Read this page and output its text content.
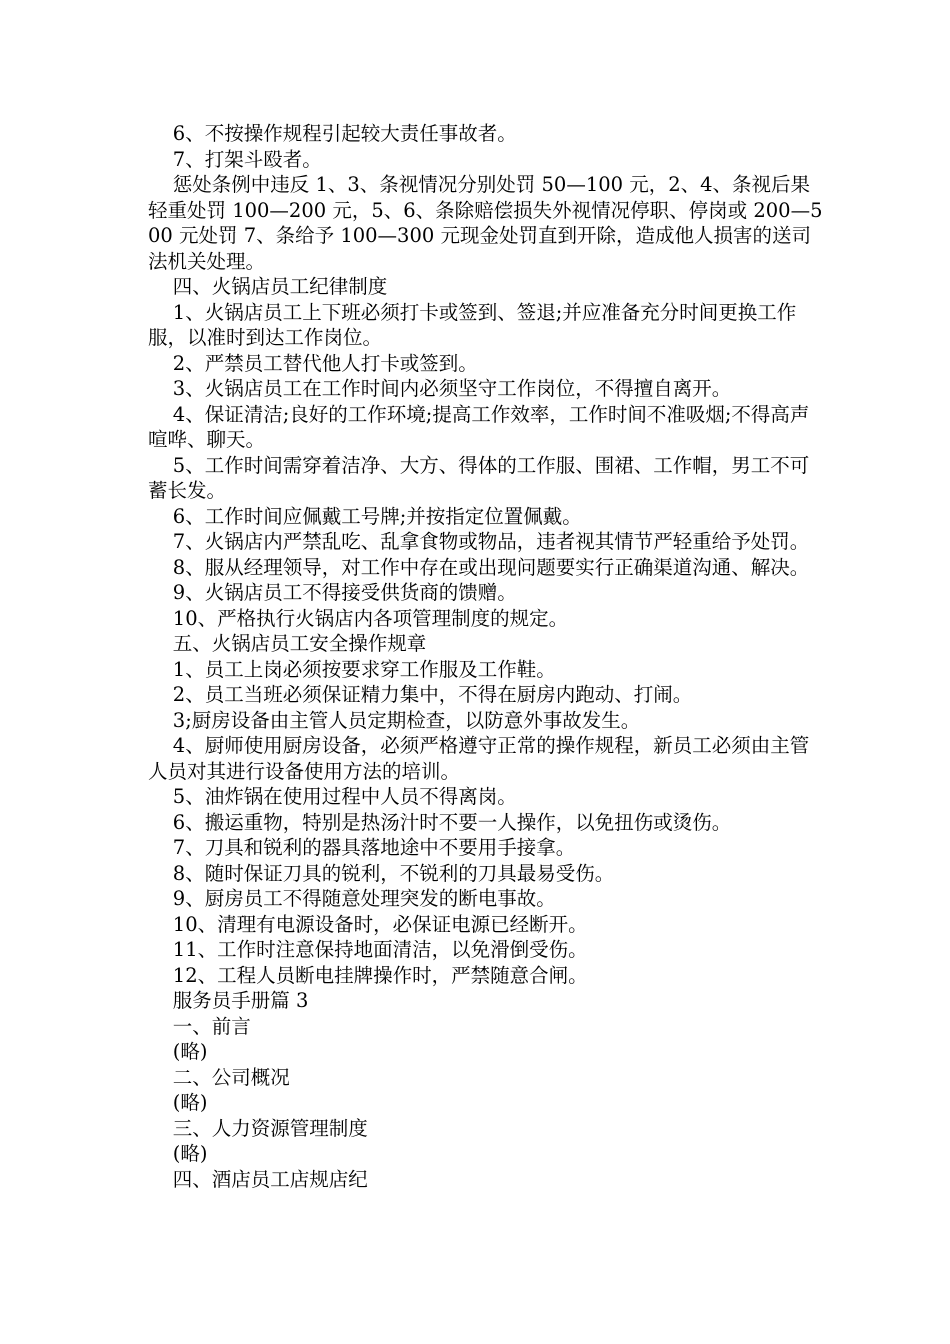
6、不按操作规程引起较大责任事故者。

7、打架斗殴者。

惩处条例中违反 1、3、条视情况分别处罚 50—100 元，2、4、条视后果轻重处罚 100—200 元，5、6、条除赔偿损失外视情况停职、停岗或 200—500 元处罚 7、条给予 100—300 元现金处罚直到开除，造成他人损害的送司法机关处理。

四、火锅店员工纪律制度

1、火锅店员工上下班必须打卡或签到、签退;并应准备充分时间更换工作服，以准时到达工作岗位。

2、严禁员工替代他人打卡或签到。

3、火锅店员工在工作时间内必须坚守工作岗位，不得擅自离开。

4、保证清洁;良好的工作环境;提高工作效率，工作时间不准吸烟;不得高声喧哗、聊天。

5、工作时间需穿着洁净、大方、得体的工作服、围裙、工作帽，男工不可蓄长发。

6、工作时间应佩戴工号牌;并按指定位置佩戴。

7、火锅店内严禁乱吃、乱拿食物或物品，违者视其情节严轻重给予处罚。

8、服从经理领导，对工作中存在或出现问题要实行正确渠道沟通、解决。

9、火锅店员工不得接受供货商的馈赠。

10、严格执行火锅店内各项管理制度的规定。

五、火锅店员工安全操作规章

1、员工上岗必须按要求穿工作服及工作鞋。

2、员工当班必须保证精力集中，不得在厨房内跑动、打闹。

3;厨房设备由主管人员定期检查，以防意外事故发生。

4、厨师使用厨房设备，必须严格遵守正常的操作规程，新员工必须由主管人员对其进行设备使用方法的培训。

5、油炸锅在使用过程中人员不得离岗。

6、搬运重物，特别是热汤汁时不要一人操作，以免扭伤或烫伤。

7、刀具和锐利的器具落地途中不要用手接拿。

8、随时保证刀具的锐利，不锐利的刀具最易受伤。

9、厨房员工不得随意处理突发的断电事故。

10、清理有电源设备时，必保证电源已经断开。

11、工作时注意保持地面清洁，以免滑倒受伤。

12、工程人员断电挂牌操作时，严禁随意合闸。

服务员手册篇 3

一、前言

(略)

二、公司概况

(略)

三、人力资源管理制度

(略)

四、酒店员工店规店纪
